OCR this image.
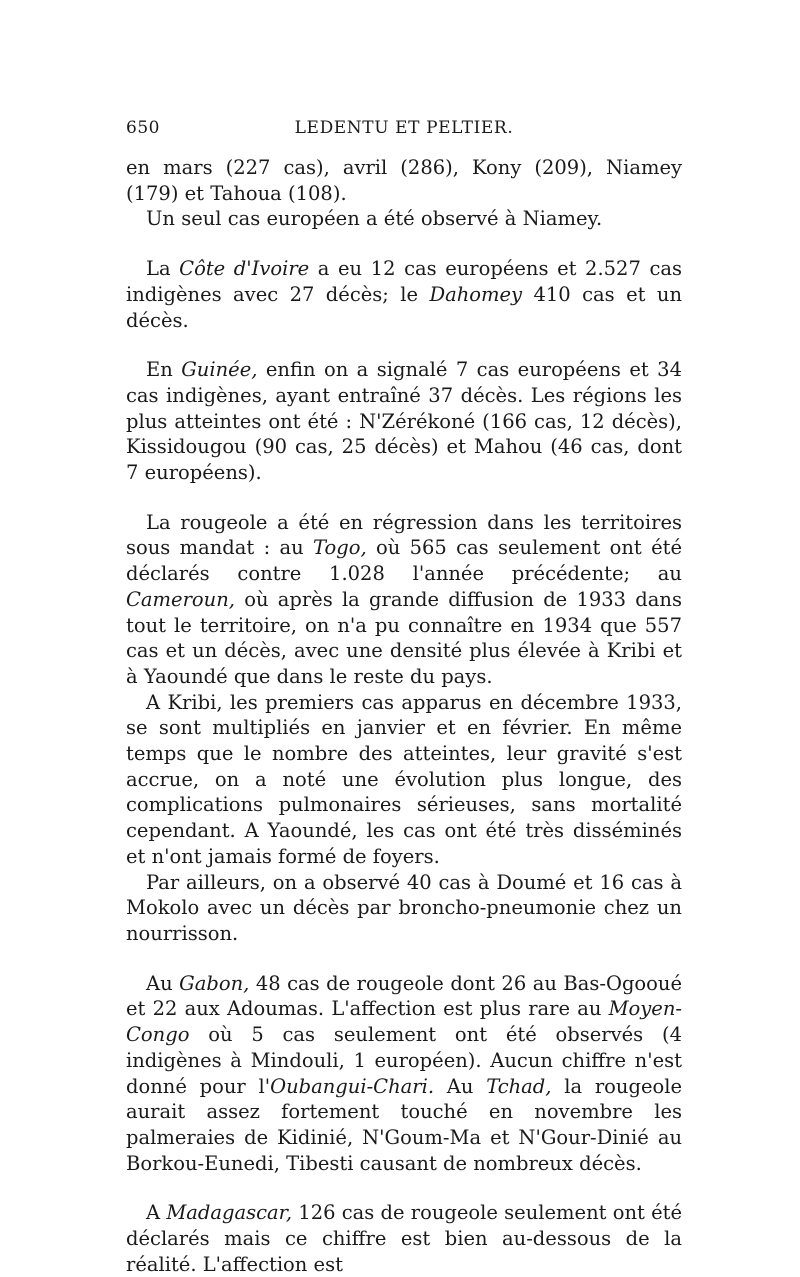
650	LEDENTU ET PELTIER.

en mars (227 cas), avril (286), Kony (209), Niamey (179) et Tahoua (108).

Un seul cas européen a été observé à Niamey.

La Côte d'Ivoire a eu 12 cas européens et 2.527 cas indigènes avec 27 décès; le Dahomey 410 cas et un décès.

En Guinée, enfin on a signalé 7 cas européens et 34 cas indigènes, ayant entraîné 37 décès. Les régions les plus atteintes ont été : N'Zérékoné (166 cas, 12 décès), Kissidougou (90 cas, 25 décès) et Mahou (46 cas, dont 7 européens).

La rougeole a été en régression dans les territoires sous mandat : au Togo, où 565 cas seulement ont été déclarés contre 1.028 l'année précédente; au Cameroun, où après la grande diffusion de 1933 dans tout le territoire, on n'a pu connaître en 1934 que 557 cas et un décès, avec une densité plus élevée à Kribi et à Yaoundé que dans le reste du pays.

A Kribi, les premiers cas apparus en décembre 1933, se sont multipliés en janvier et en février. En même temps que le nombre des atteintes, leur gravité s'est accrue, on a noté une évolution plus longue, des complications pulmonaires sérieuses, sans mortalité cependant. A Yaoundé, les cas ont été très disséminés et n'ont jamais formé de foyers.

Par ailleurs, on a observé 40 cas à Doumé et 16 cas à Mokolo avec un décès par broncho-pneumonie chez un nourrisson.

Au Gabon, 48 cas de rougeole dont 26 au Bas-Ogooué et 22 aux Adoumas. L'affection est plus rare au Moyen-Congo où 5 cas seulement ont été observés (4 indigènes à Mindouli, 1 européen). Aucun chiffre n'est donné pour l'Oubangui-Chari. Au Tchad, la rougeole aurait assez fortement touché en novembre les palmeraies de Kidinié, N'Goum-Ma et N'Gour-Dinié au Borkou-Eunedi, Tibesti causant de nombreux décès.

A Madagascar, 126 cas de rougeole seulement ont été déclarés mais ce chiffre est bien au-dessous de la réalité. L'affection est
